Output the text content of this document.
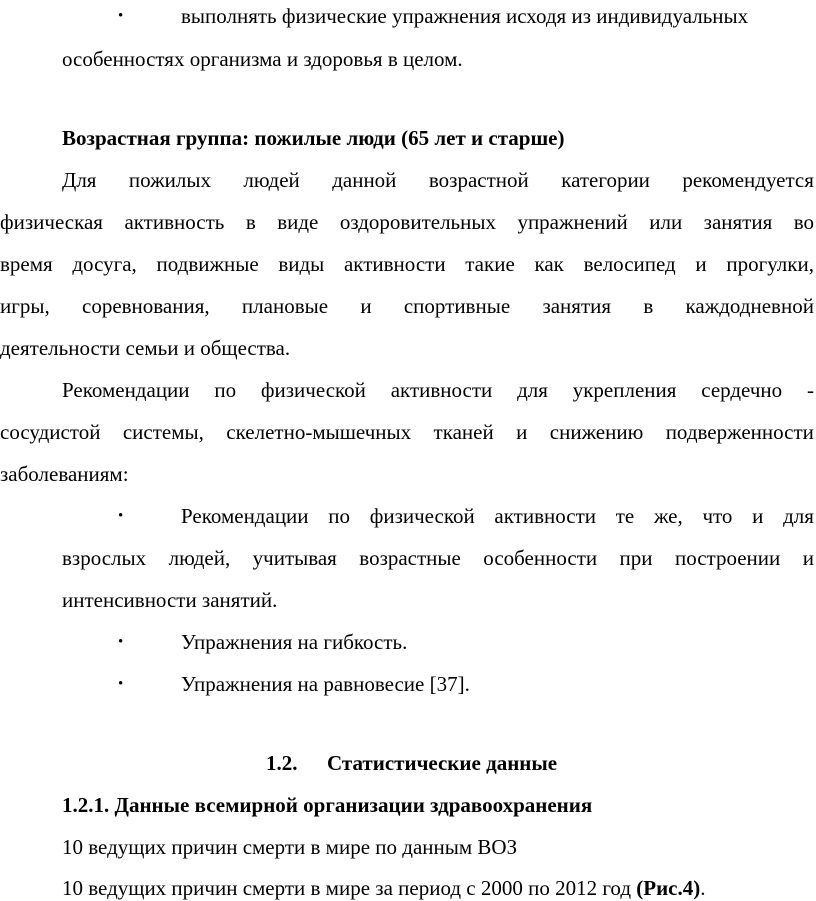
•	выполнять физические упражнения исходя из индивидуальных
особенностях организма и здоровья в целом.
Возрастная группа: пожилые люди (65 лет и старше)
Для пожилых людей данной возрастной категории рекомендуется
физическая активность в виде оздоровительных упражнений или занятия во
время досуга, подвижные виды активности такие как велосипед и прогулки,
игры, соревнования, плановые и спортивные занятия в каждодневной
деятельности семьи и общества.
Рекомендации по физической активности для укрепления сердечно -
сосудистой системы, скелетно-мышечных тканей и снижению подверженности
заболеваниям:
•	Рекомендации по физической активности те же, что и для
взрослых людей, учитывая возрастные особенности при построении и
интенсивности занятий.
•	Упражнения на гибкость.
•	Упражнения на равновесие [37].
1.2. Статистические данные
1.2.1. Данные всемирной организации здравоохранения
10 ведущих причин смерти в мире по данным ВОЗ
10 ведущих причин смерти в мире за период с 2000 по 2012 год (Рис.4).
